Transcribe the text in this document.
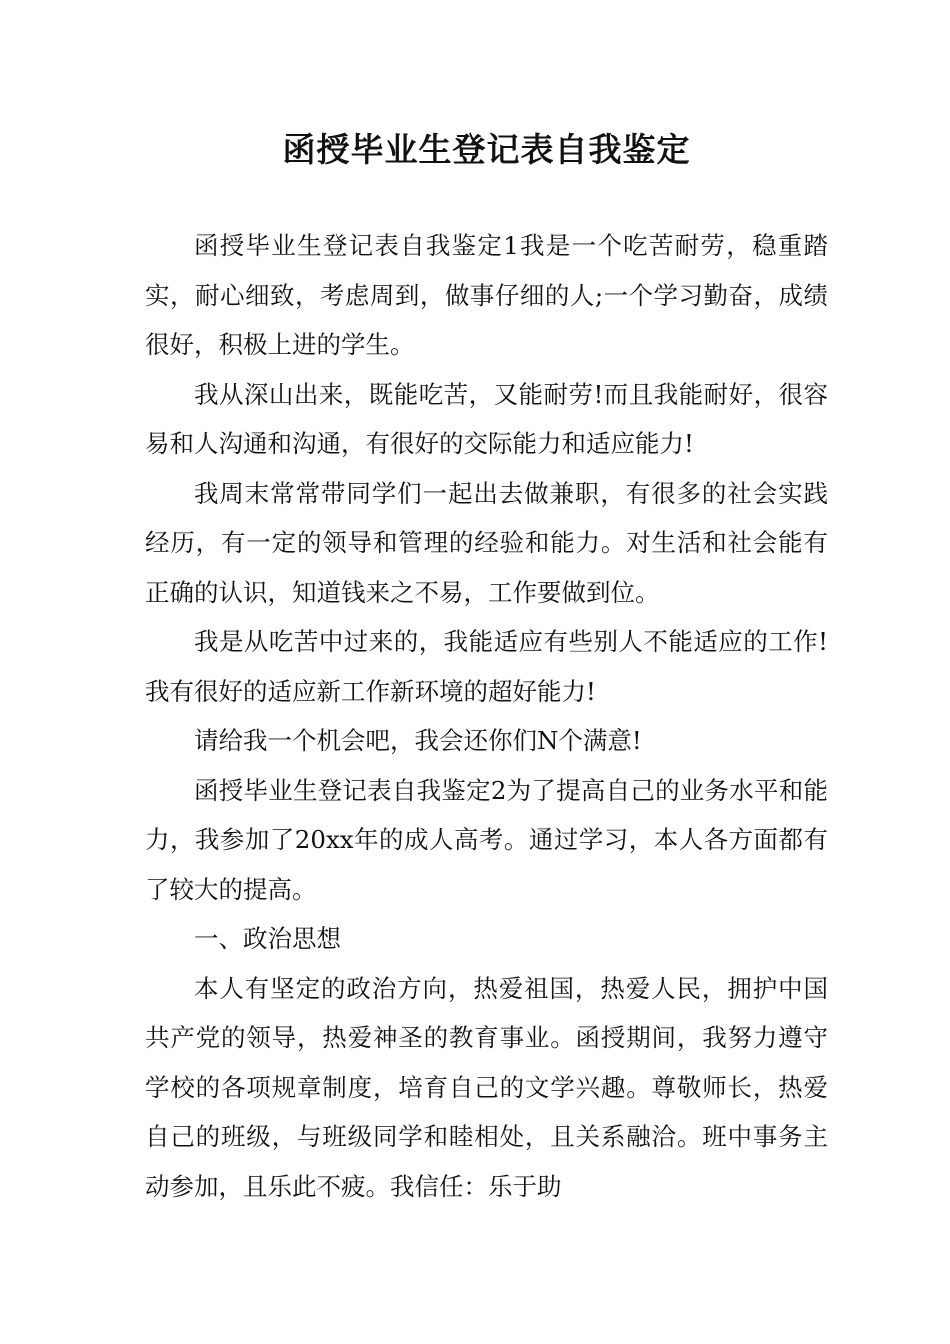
函授毕业生登记表自我鉴定

函授毕业生登记表自我鉴定1我是一个吃苦耐劳，稳重踏实，耐心细致，考虑周到，做事仔细的人;一个学习勤奋，成绩很好，积极上进的学生。

我从深山出来，既能吃苦，又能耐劳!而且我能耐好，很容易和人沟通和沟通，有很好的交际能力和适应能力!

我周末常常带同学们一起出去做兼职，有很多的社会实践经历，有一定的领导和管理的经验和能力。对生活和社会能有正确的认识，知道钱来之不易，工作要做到位。

我是从吃苦中过来的，我能适应有些别人不能适应的工作!我有很好的适应新工作新环境的超好能力!

请给我一个机会吧，我会还你们N个满意!

函授毕业生登记表自我鉴定2为了提高自己的业务水平和能力，我参加了20xx年的成人高考。通过学习，本人各方面都有了较大的提高。

一、政治思想

本人有坚定的政治方向，热爱祖国，热爱人民，拥护中国共产党的领导，热爱神圣的教育事业。函授期间，我努力遵守学校的各项规章制度，培育自己的文学兴趣。尊敬师长，热爱自己的班级，与班级同学和睦相处，且关系融洽。班中事务主动参加，且乐此不疲。我信任：乐于助
